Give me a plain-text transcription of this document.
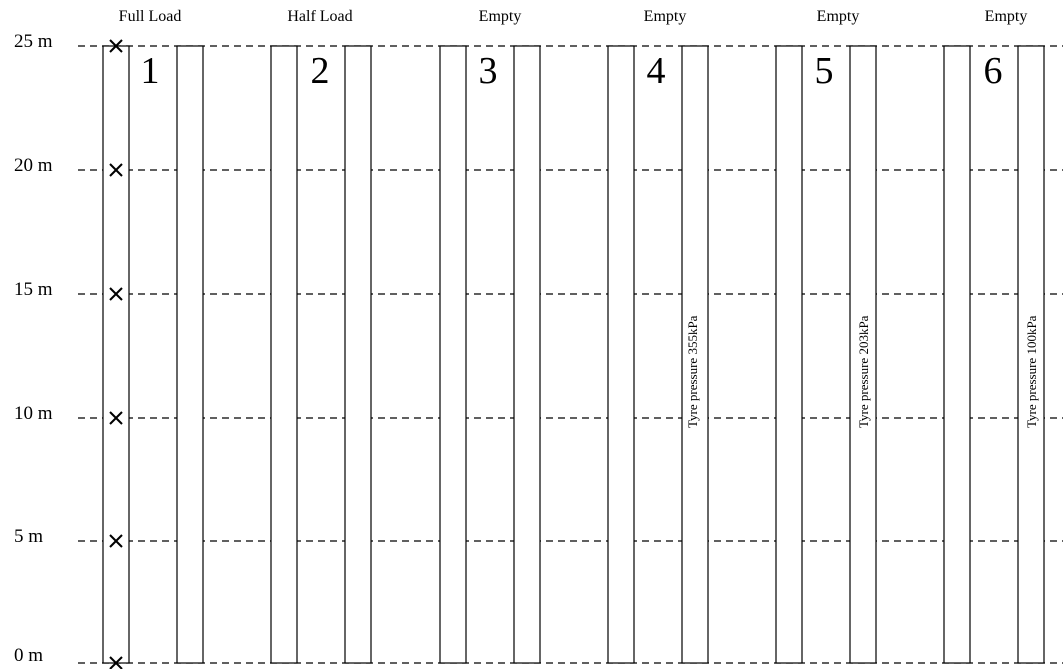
25 m
20 m
15 m
10 m
5 m
0 m
Full Load	Half Load	Empty	Empty	Empty	Empty
1	2	3	4	5	6
Tyre pressure 355kPa	Tyre pressure 203kPa	Tyre pressure 100kPa
